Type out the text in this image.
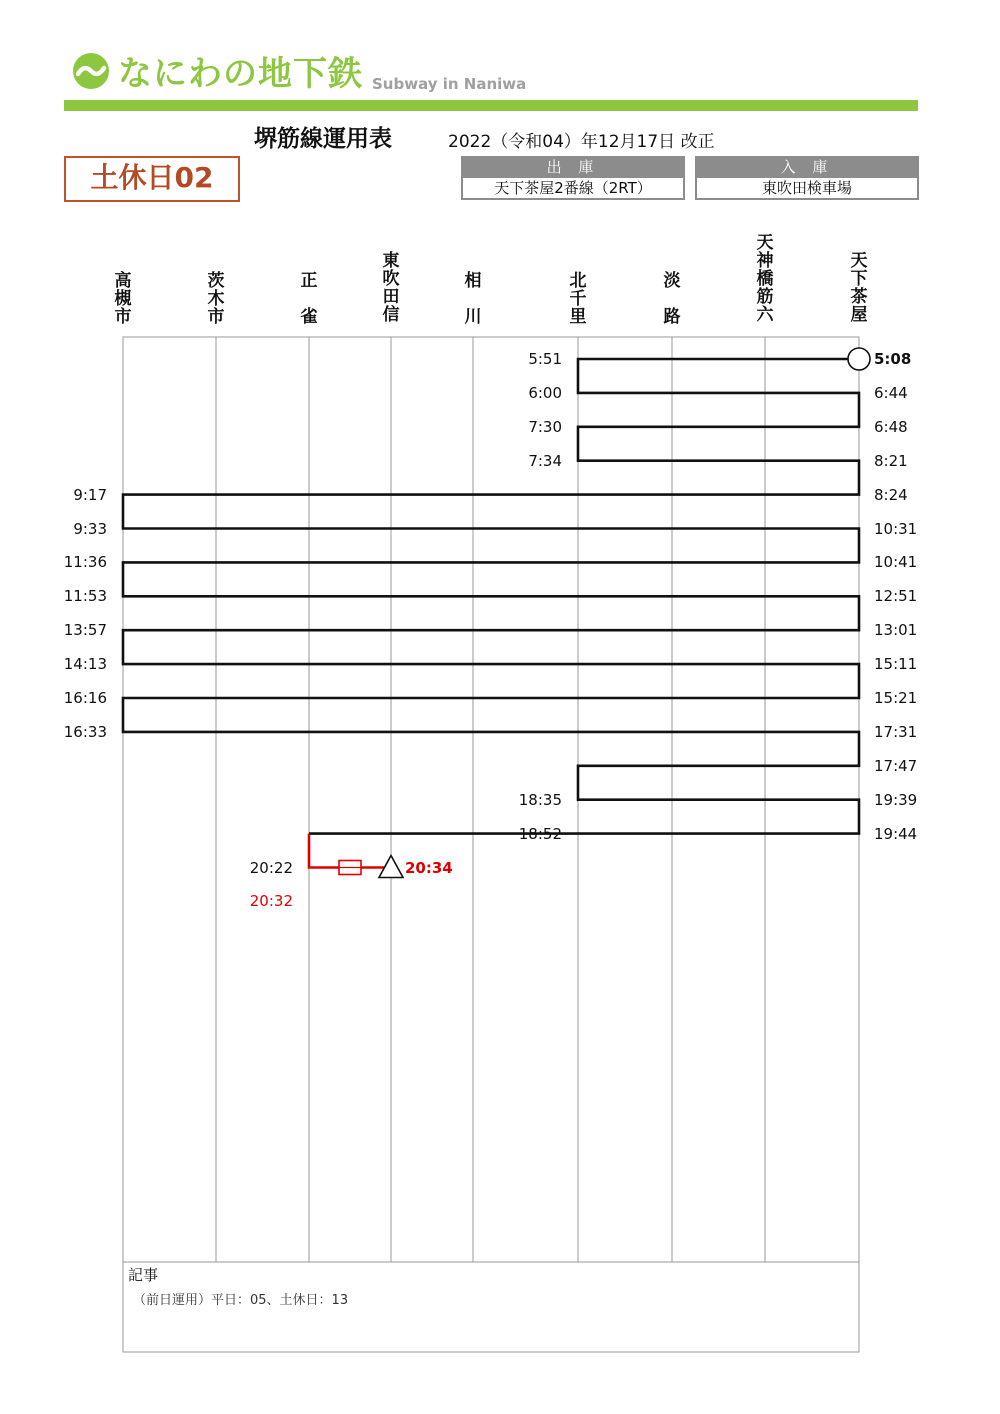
なにわの地下鉄 Subway in Naniwa
堺筋線運用表	2022（令和04）年12月17日 改正
土休日02	出 庫
天下茶屋2番線（2RT）
入 庫
東吹田検車場
高
槻
市
茨
木
市
正

雀
東
吹
田
信
相

川
北
千
里
淡

路
天
神
橋
筋
六
天
下
茶
屋
5:51
6:00
7:30
7:34
9:17
9:33
11:36
11:53
13:57
14:13
16:16
16:33
18:35
18:52
20:22
20:32
5:08
6:44
6:48
8:21
8:24
10:31
10:41
12:51
13:01
15:11
15:21
17:31
17:47
19:39
19:44
20:34
記事
（前日運用）平日：05、土休日：13
